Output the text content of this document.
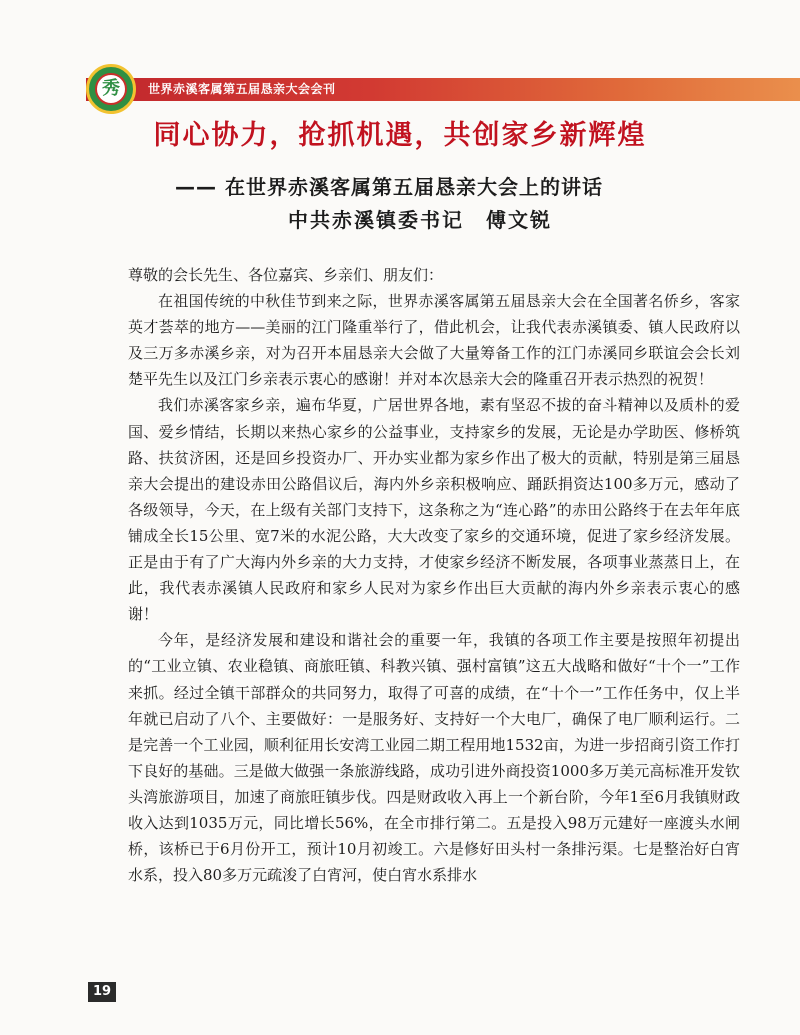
秀	世界赤溪客属第五届恳亲大会会刊
同心协力，抢抓机遇，共创家乡新辉煌
—— 在世界赤溪客属第五届恳亲大会上的讲话
中共赤溪镇委书记　傅文锐

尊敬的会长先生、各位嘉宾、乡亲们、朋友们：

在祖国传统的中秋佳节到来之际，世界赤溪客属第五届恳亲大会在全国著名侨乡，客家英才荟萃的地方——美丽的江门隆重举行了，借此机会，让我代表赤溪镇委、镇人民政府以及三万多赤溪乡亲，对为召开本届恳亲大会做了大量筹备工作的江门赤溪同乡联谊会会长刘楚平先生以及江门乡亲表示衷心的感谢！并对本次恳亲大会的隆重召开表示热烈的祝贺！

我们赤溪客家乡亲，遍布华夏，广居世界各地，素有坚忍不拔的奋斗精神以及质朴的爱国、爱乡情结，长期以来热心家乡的公益事业，支持家乡的发展，无论是办学助医、修桥筑路、扶贫济困，还是回乡投资办厂、开办实业都为家乡作出了极大的贡献，特别是第三届恳亲大会提出的建设赤田公路倡议后，海内外乡亲积极响应、踊跃捐资达100多万元，感动了各级领导，今天，在上级有关部门支持下，这条称之为“连心路”的赤田公路终于在去年年底铺成全长15公里、宽7米的水泥公路，大大改变了家乡的交通环境，促进了家乡经济发展。正是由于有了广大海内外乡亲的大力支持，才使家乡经济不断发展，各项事业蒸蒸日上，在此，我代表赤溪镇人民政府和家乡人民对为家乡作出巨大贡献的海内外乡亲表示衷心的感谢！

今年，是经济发展和建设和谐社会的重要一年，我镇的各项工作主要是按照年初提出的“工业立镇、农业稳镇、商旅旺镇、科教兴镇、强村富镇”这五大战略和做好“十个一”工作来抓。经过全镇干部群众的共同努力，取得了可喜的成绩，在“十个一”工作任务中，仅上半年就已启动了八个、主要做好：一是服务好、支持好一个大电厂，确保了电厂顺利运行。二是完善一个工业园，顺利征用长安湾工业园二期工程用地1532亩，为进一步招商引资工作打下良好的基础。三是做大做强一条旅游线路，成功引进外商投资1000多万美元高标准开发钦头湾旅游项目，加速了商旅旺镇步伐。四是财政收入再上一个新台阶，今年1至6月我镇财政收入达到1035万元，同比增长56%，在全市排行第二。五是投入98万元建好一座渡头水闸桥，该桥已于6月份开工，预计10月初竣工。六是修好田头村一条排污渠。七是整治好白宵水系，投入80多万元疏浚了白宵河，使白宵水系排水

19
